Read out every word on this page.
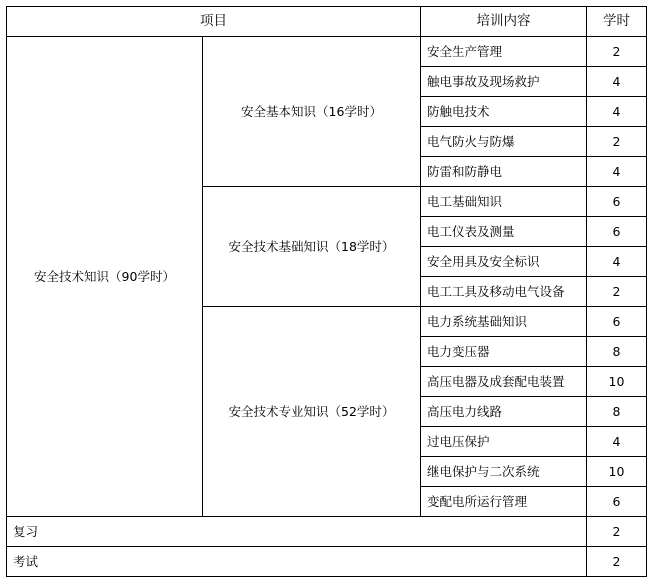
项目		培训内容	学时
安全技术知识（90学时）	安全基本知识（16学时）	安全生产管理	2
		触电事故及现场救护	4
		防触电技术	4
		电气防火与防爆	2
		防雷和防静电	4
	安全技术基础知识（18学时）	电工基础知识	6
		电工仪表及测量	6
		安全用具及安全标识	4
		电工工具及移动电气设备	2
	安全技术专业知识（52学时）	电力系统基础知识	6
		电力变压器	8
		高压电器及成套配电装置	10
		高压电力线路	8
		过电压保护	4
		继电保护与二次系统	10
		变配电所运行管理	6
复习			2
考试			2
